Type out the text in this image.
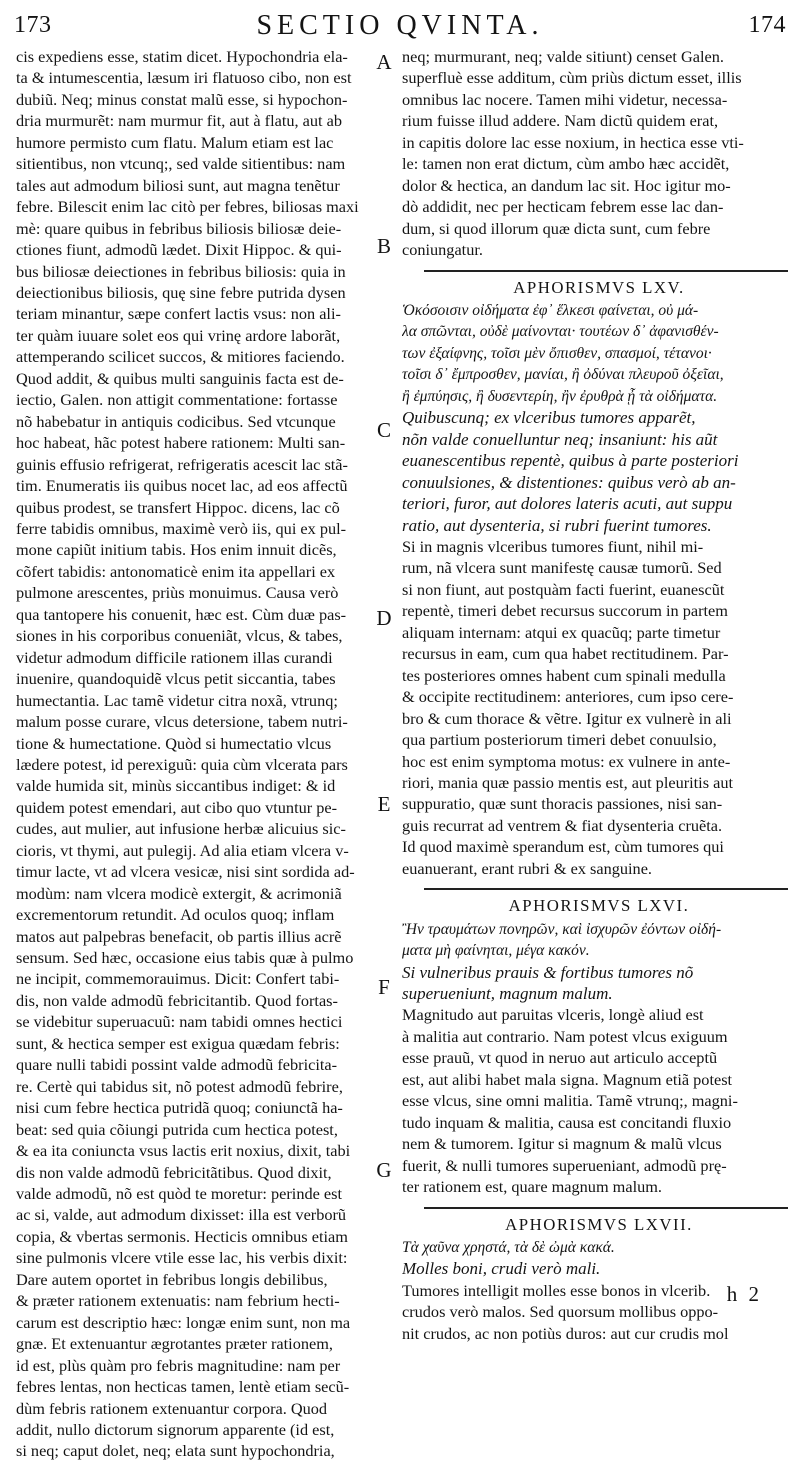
173	SECTIO QVINTA.	174
cis expediens esse, statim dicet. Hypochondria ela-
ta & intumescentia, læsum iri flatuoso cibo, non est
dubiũ. Neq; minus constat malũ esse, si hypochon-
dria murmurẽt: nam murmur fit, aut à flatu, aut ab
humore permisto cum flatu. Malum etiam est lac
sitientibus, non vtcunq;, sed valde sitientibus: nam
tales aut admodum biliosi sunt, aut magna tenẽtur
febre. Bilescit enim lac citò per febres, biliosas maxi
mè: quare quibus in febribus biliosis biliosæ deie-
ctiones fiunt, admodũ lædet. Dixit Hippoc. & qui-
bus biliosæ deiectiones in febribus biliosis: quia in
deiectionibus biliosis, quę sine febre putrida dysen
teriam minantur, sæpe confert lactis vsus: non ali-
ter quàm iuuare solet eos qui vrinę ardore laborãt,
attemperando scilicet succos, & mitiores faciendo.
Quod addit, & quibus multi sanguinis facta est de-
iectio, Galen. non attigit commentatione: fortasse
nõ habebatur in antiquis codicibus. Sed vtcunque
hoc habeat, hãc potest habere rationem: Multi san-
guinis effusio refrigerat, refrigeratis acescit lac stã-
tim. Enumeratis iis quibus nocet lac, ad eos affectũ
quibus prodest, se transfert Hippoc. dicens, lac cõ
ferre tabidis omnibus, maximè verò iis, qui ex pul-
mone capiũt initium tabis. Hos enim innuit dicẽs,
cõfert tabidis: antonomaticè enim ita appellari ex
pulmone arescentes, priùs monuimus. Causa verò
qua tantopere his conuenit, hæc est. Cùm duæ pas-
siones in his corporibus conueniãt, vlcus, & tabes,
videtur admodum difficile rationem illas curandi
inuenire, quandoquidẽ vlcus petit siccantia, tabes
humectantia. Lac tamẽ videtur citra noxã, vtrunq;
malum posse curare, vlcus detersione, tabem nutri-
tione & humectatione. Quòd si humectatio vlcus
lædere potest, id perexiguũ: quia cùm vlcerata pars
valde humida sit, minùs siccantibus indiget: & id
quidem potest emendari, aut cibo quo vtuntur pe-
cudes, aut mulier, aut infusione herbæ alicuius sic-
cioris, vt thymi, aut pulegij. Ad alia etiam vlcera v-
timur lacte, vt ad vlcera vesicæ, nisi sint sordida ad-
modùm: nam vlcera modicè extergit, & acrimoniã
excrementorum retundit. Ad oculos quoq; inflam
matos aut palpebras benefacit, ob partis illius acrẽ
sensum. Sed hæc, occasione eius tabis quæ à pulmo
ne incipit, commemorauimus. Dicit: Confert tabi-
dis, non valde admodũ febricitantib. Quod fortas-
se videbitur superuacuũ: nam tabidi omnes hectici
sunt, & hectica semper est exigua quædam febris:
quare nulli tabidi possint valde admodũ febricita-
re. Certè qui tabidus sit, nõ potest admodũ febrire,
nisi cum febre hectica putridã quoq; coniunctã ha-
beat: sed quia cõiungi putrida cum hectica potest,
& ea ita coniuncta vsus lactis erit noxius, dixit, tabi
dis non valde admodũ febricitãtibus. Quod dixit,
valde admodũ, nõ est quòd te moretur: perinde est
ac si, valde, aut admodum dixisset: illa est verborũ
copia, & vbertas sermonis. Hecticis omnibus etiam
sine pulmonis vlcere vtile esse lac, his verbis dixit:
Dare autem oportet in febribus longis debilibus,
& præter rationem extenuatis: nam febrium hecti-
carum est descriptio hæc: longæ enim sunt, non ma
gnæ. Et extenuantur ægrotantes præter rationem,
id est, plùs quàm pro febris magnitudine: nam per
febres lentas, non hecticas tamen, lentè etiam secũ-
dùm febris rationem extenuantur corpora. Quod
addit, nullo dictorum signorum apparente (id est,
si neq; caput dolet, neq; elata sunt hypochondria,
neq; murmurant, neq; valde sitiunt) censet Galen.
superfluè esse additum, cùm priùs dictum esset, illis
omnibus lac nocere. Tamen mihi videtur, necessa-
rium fuisse illud addere. Nam dictũ quidem erat,
in capitis dolore lac esse noxium, in hectica esse vti-
le: tamen non erat dictum, cùm ambo hæc accidẽt,
dolor & hectica, an dandum lac sit. Hoc igitur mo-
dò addidit, nec per hecticam febrem esse lac dan-
dum, si quod illorum quæ dicta sunt, cum febre
coniungatur.
APHORISMVS LXV.
Ὁκόσοισιν οἰδήματα ἐφ᾽ ἕλκεσι φαίνεται, οὐ μά-
λα σπῶνται, οὐδὲ μαίνονται· τουτέων δ᾽ ἀφανισθέν-
των ἐξαίφνης, τοῖσι μὲν ὄπισθεν, σπασμοί, τέτανοι·
τοῖσι δ᾽ ἔμπροσθεν, μανίαι, ἢ ὀδύναι πλευροῦ ὀξεῖαι,
ἢ ἐμπύησις, ἢ δυσεντερίη, ἢν ἐρυθρὰ ᾖ τὰ οἰδήματα.
Quibuscunq; ex vlceribus tumores apparẽt,
nõn valde conuelluntur neq; insaniunt: his aũt
euanescentibus repentè, quibus à parte posteriori
conuulsiones, & distentiones: quibus verò ab an-
teriori, furor, aut dolores lateris acuti, aut suppu
ratio, aut dysenteria, si rubri fuerint tumores.
Si in magnis vlceribus tumores fiunt, nihil mi-
rum, nã vlcera sunt manifestę causæ tumorũ. Sed
si non fiunt, aut postquàm facti fuerint, euanescũt
repentè, timeri debet recursus succorum in partem
aliquam internam: atqui ex quacũq; parte timetur
recursus in eam, cum qua habet rectitudinem. Par-
tes posteriores omnes habent cum spinali medulla
& occipite rectitudinem: anteriores, cum ipso cere-
bro & cum thorace & vẽtre. Igitur ex vulnerè in ali
qua partium posteriorum timeri debet conuulsio,
hoc est enim symptoma motus: ex vulnere in ante-
riori, mania quæ passio mentis est, aut pleuritis aut
suppuratio, quæ sunt thoracis passiones, nisi san-
guis recurrat ad ventrem & fiat dysenteria cruẽta.
Id quod maximè sperandum est, cùm tumores qui
euanuerant, erant rubri & ex sanguine.
APHORISMVS LXVI.
Ἢν τραυμάτων πονηρῶν, καὶ ἰσχυρῶν ἐόντων οἰδή-
ματα μὴ φαίνηται, μέγα κακόν.
Si vulneribus prauis & fortibus tumores nõ
superueniunt, magnum malum.
Magnitudo aut paruitas vlceris, longè aliud est
à malitia aut contrario. Nam potest vlcus exiguum
esse prauũ, vt quod in neruo aut articulo acceptũ
est, aut alibi habet mala signa. Magnum etiã potest
esse vlcus, sine omni malitia. Tamẽ vtrunq;, magni-
tudo inquam & malitia, causa est concitandi fluxio
nem & tumorem. Igitur si magnum & malũ vlcus
fuerit, & nulli tumores superueniant, admodũ prę-
ter rationem est, quare magnum malum.
APHORISMVS LXVII.
Τὰ χαῦνα χρηστά, τὰ δὲ ὠμὰ κακά.
Molles boni, crudi verò mali.
Tumores intelligit molles esse bonos in vlcerib.
crudos verò malos. Sed quorsum mollibus oppo-
nit crudos, ac non potiùs duros: aut cur crudis mol
A
B
C
D
E
F
G
h 2
